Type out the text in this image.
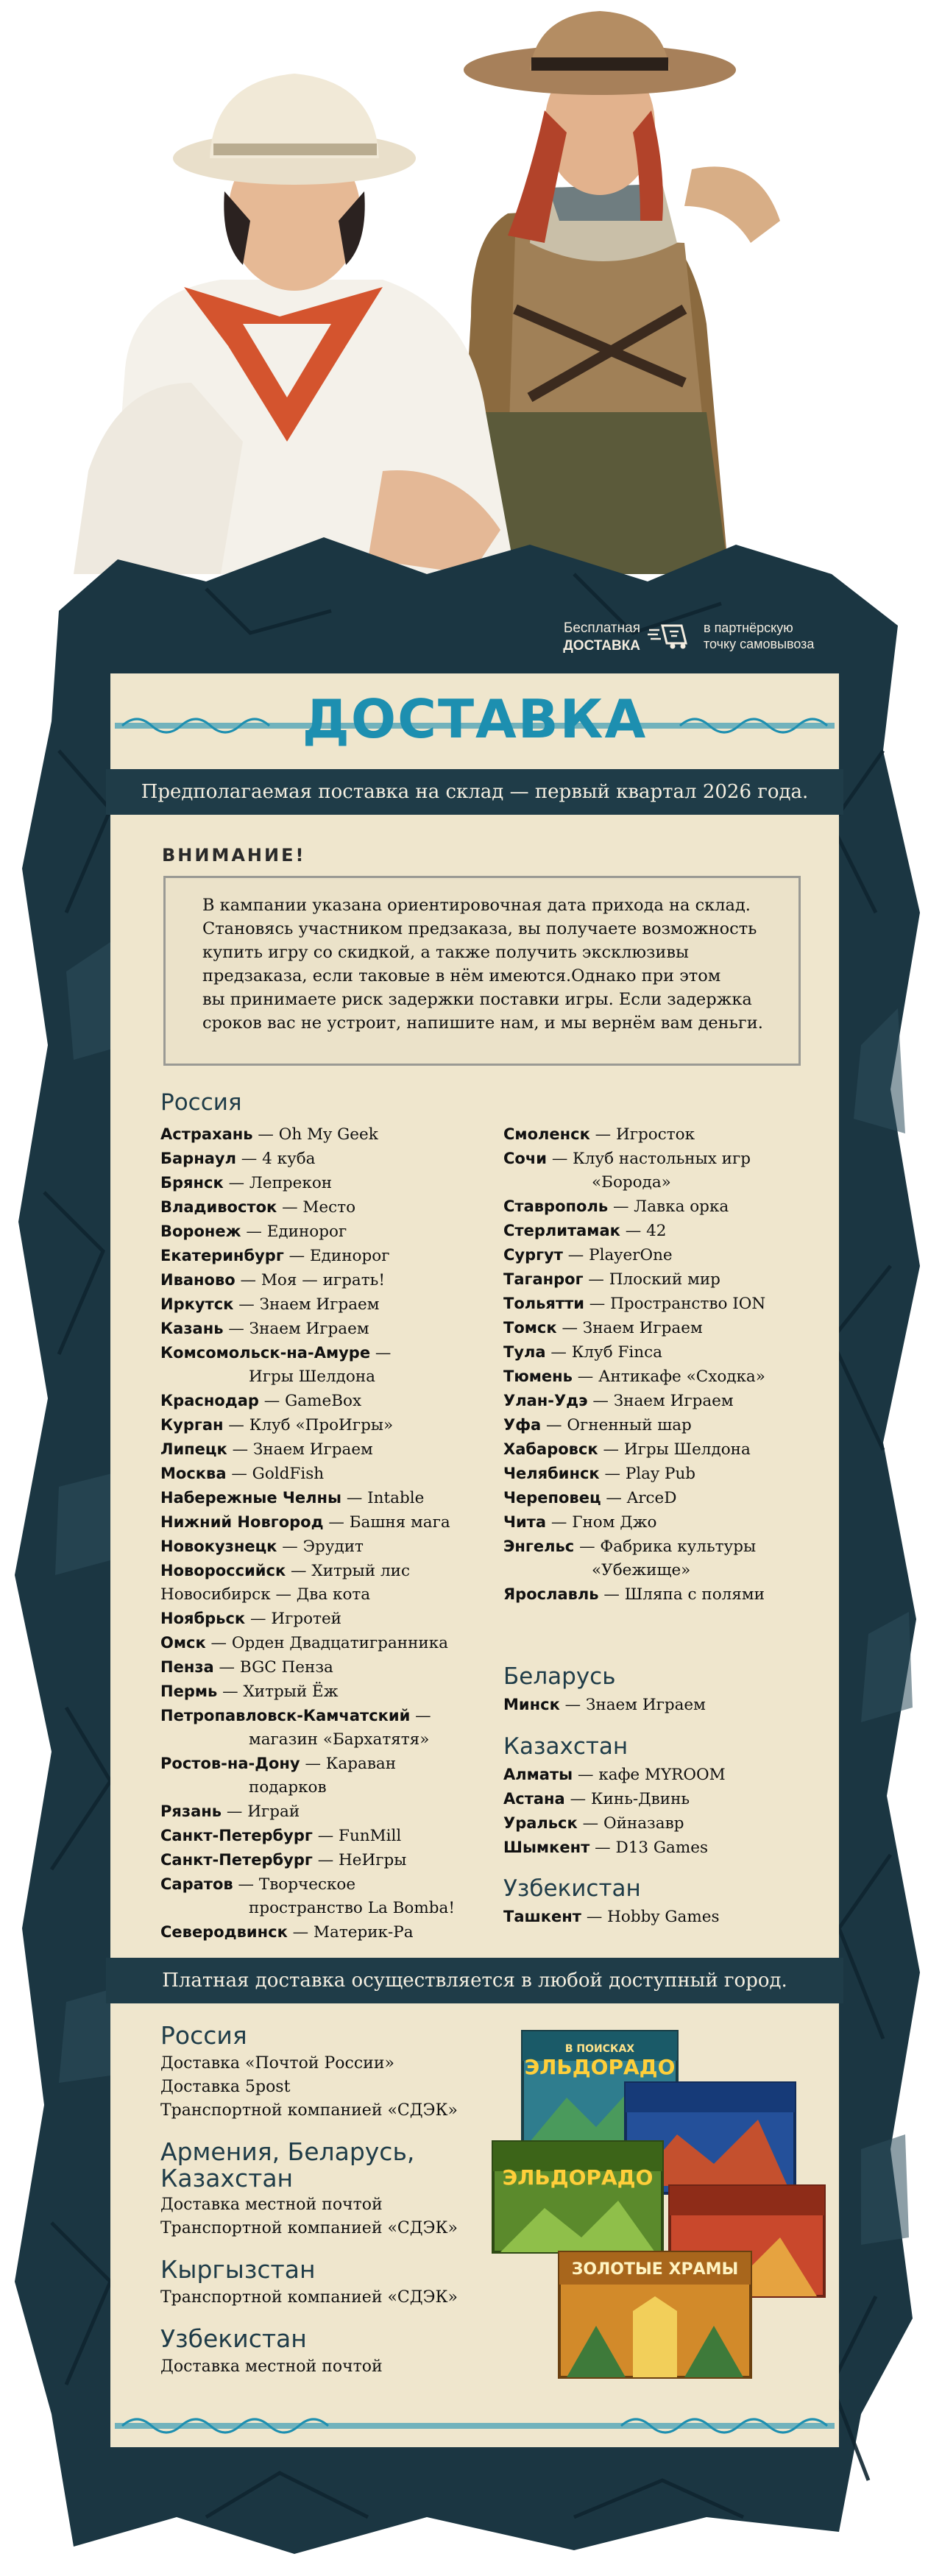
Бесплатная
ДОСТАВКА
в партнёрскую
точку самовывоза
ДОСТАВКА
Предполагаемая поставка на склад — первый квартал 2026 года.
ВНИМАНИЕ!
В кампании указана ориентировочная дата прихода на склад.
Становясь участником предзаказа, вы получаете возможность
купить игру со скидкой, а также получить эксклюзивы
предзаказа, если таковые в нём имеются.Однако при этом
вы принимаете риск задержки поставки игры. Если задержка
сроков вас не устроит, напишите нам, и мы вернём вам деньги.
Россия
Астрахань — Oh My Geek
Барнаул — 4 куба
Брянск — Лепрекон
Владивосток — Место
Воронеж — Единорог
Екатеринбург — Единорог
Иваново — Моя — играть!
Иркутск — Знаем Играем
Казань — Знаем Играем
Комсомольск-на-Амуре —
Игры Шелдона
Краснодар — GameBox
Курган — Клуб «ПроИгры»
Липецк — Знаем Играем
Москва — GoldFish
Набережные Челны — Intable
Нижний Новгород — Башня мага
Новокузнецк — Эрудит
Новороссийск — Хитрый лис
Новосибирск — Два кота
Ноябрьск — Игротей
Омск — Орден Двадцатигранника
Пенза — BGC Пенза
Пермь — Хитрый Ёж
Петропавловск-Камчатский —
магазин «Бархатятя»
Ростов-на-Дону — Караван
подарков
Рязань — Играй
Санкт-Петербург — FunMill
Санкт-Петербург — НеИгры
Саратов — Творческое
пространство La Bomba!
Северодвинск — Материк-Ра
Смоленск — Игросток
Сочи — Клуб настольных игр
«Борода»
Ставрополь — Лавка орка
Стерлитамак — 42
Сургут — PlayerOne
Таганрог — Плоский мир
Тольятти — Пространство ION
Томск — Знаем Играем
Тула — Клуб Finca
Тюмень — Антикафе «Сходка»
Улан-Удэ — Знаем Играем
Уфа — Огненный шар
Хабаровск — Игры Шелдона
Челябинск — Play Pub
Череповец — ArceD
Чита — Гном Джо
Энгельс — Фабрика культуры
«Убежище»
Ярославль — Шляпа с полями
Беларусь
Минск — Знаем Играем
Казахстан
Алматы — кафе MYROOM
Астана — Кинь-Двинь
Уральск — Ойназавр
Шымкент — D13 Games
Узбекистан
Ташкент — Hobby Games
Платная доставка осуществляется в любой доступный город.
Россия
Доставка «Почтой России»
Доставка 5post
Транспортной компанией «СДЭК»
Армения, Беларусь,
Казахстан
Доставка местной почтой
Транспортной компанией «СДЭК»
Кыргызстан
Транспортной компанией «СДЭК»
Узбекистан
Доставка местной почтой
В ПОИСКАХ
ЭЛЬДОРАДО
ЭЛЬДОРАДО
ЗОЛОТЫЕ ХРАМЫ
